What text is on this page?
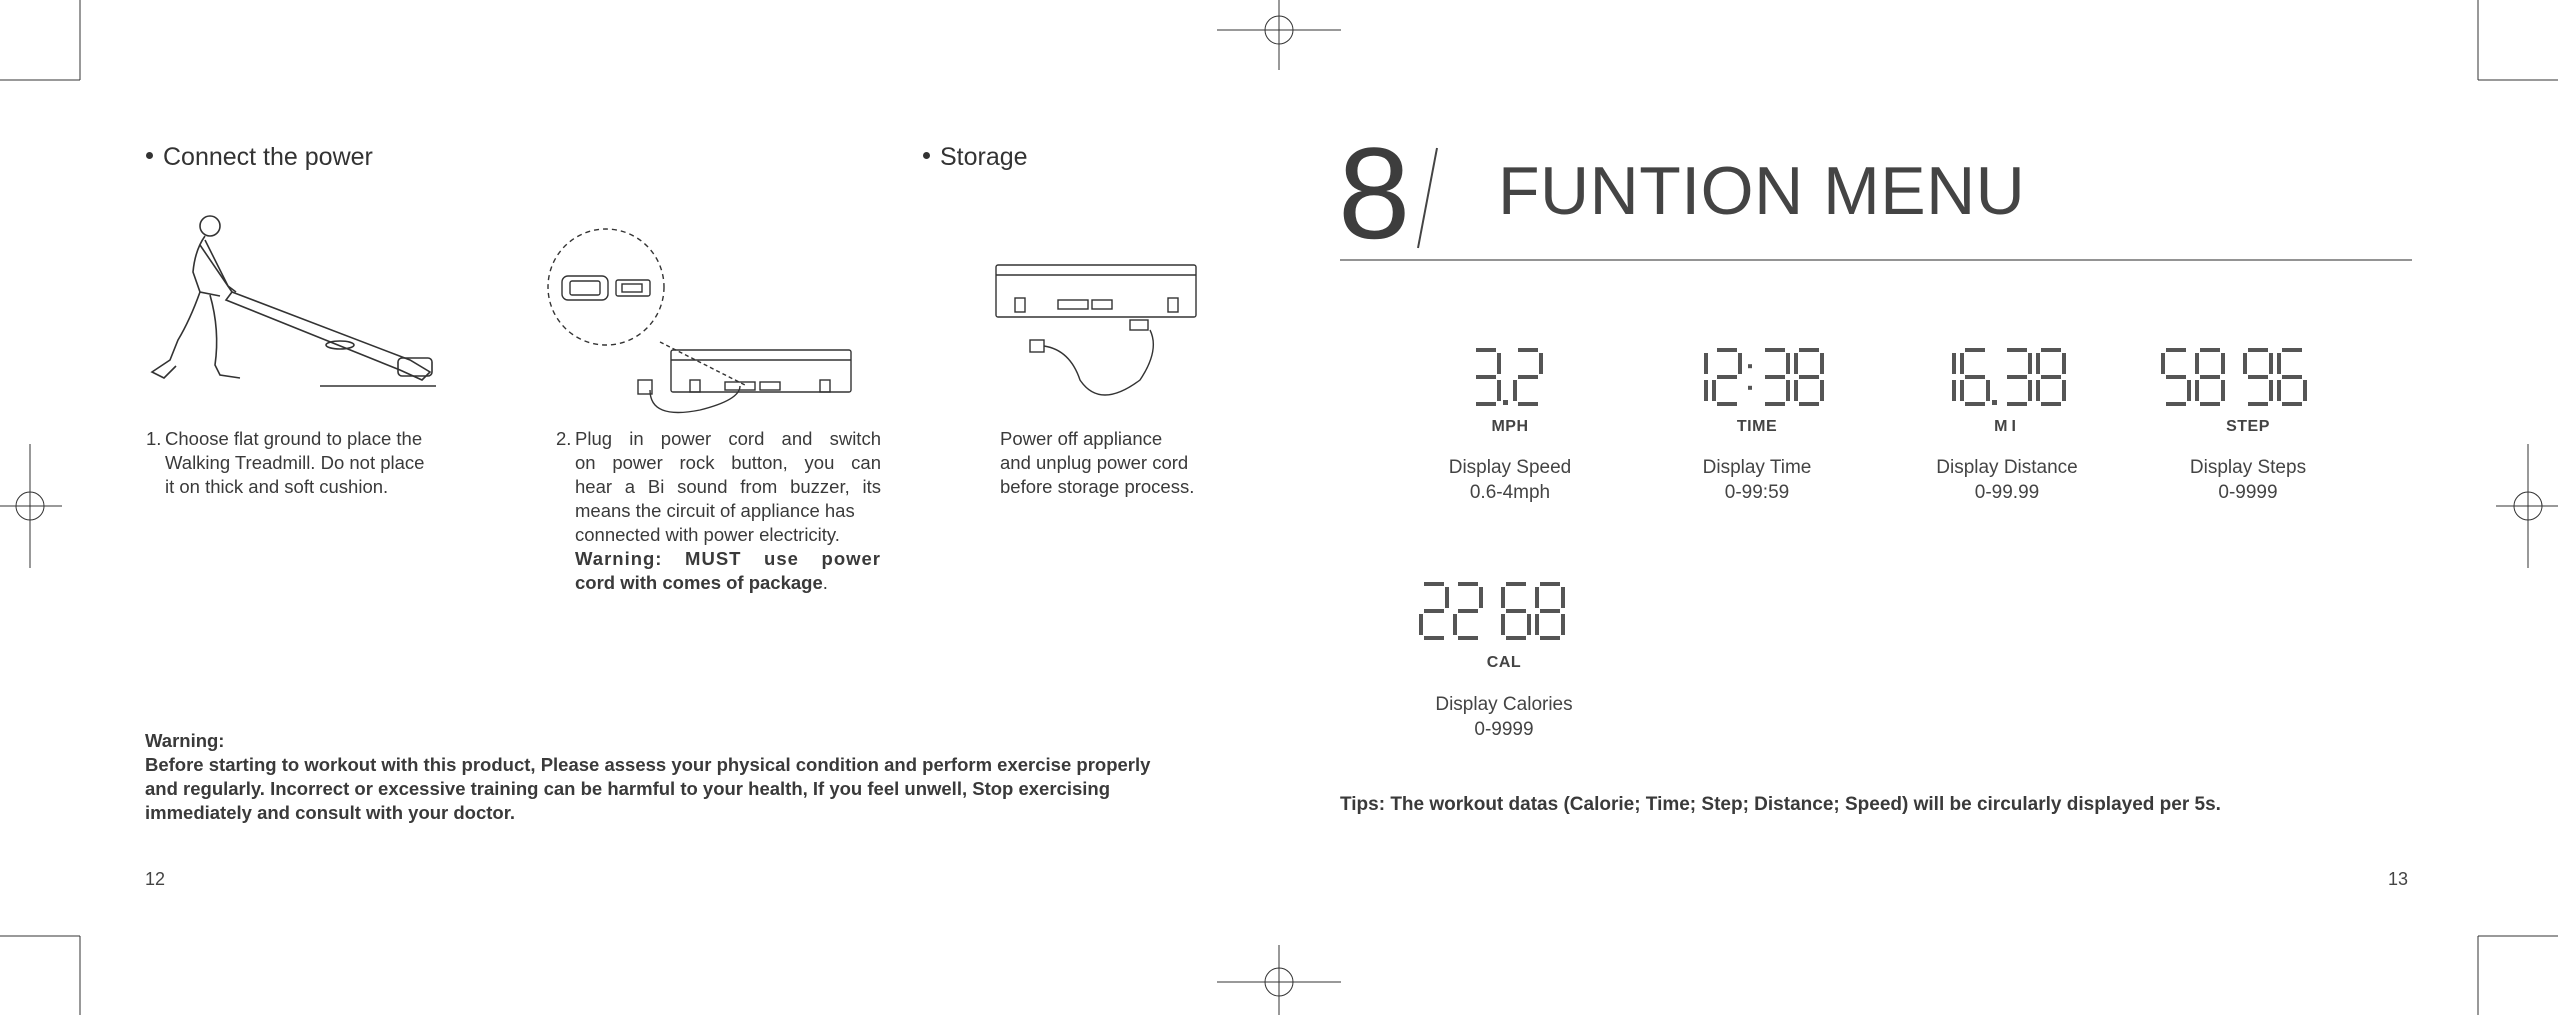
Connect the power	Storage
1. Choose flat ground to place the
Walking Treadmill. Do not place
it on thick and soft cushion.
2. Plug in power cord and switch
on power rock button, you can
hear a Bi sound from buzzer, its
means the circuit of appliance has
connected with power electricity.
Warning: MUST use power
cord with comes of package.
Power off appliance
and unplug power cord
before storage process.
Warning:
Before starting to workout with this product, Please assess your physical condition and perform exercise properly
and regularly. Incorrect or excessive training can be harmful to your health, If you feel unwell, Stop exercising
immediately and consult with your doctor.
12
8 FUNTION MENU
MPH
Display Speed
0.6-4mph
TIME
Display Time
0-99:59
MI
Display Distance
0-99.99
STEP
Display Steps
0-9999
CAL
Display Calories
0-9999
Tips: The workout datas (Calorie; Time; Step; Distance; Speed) will be circularly displayed per 5s.
13
